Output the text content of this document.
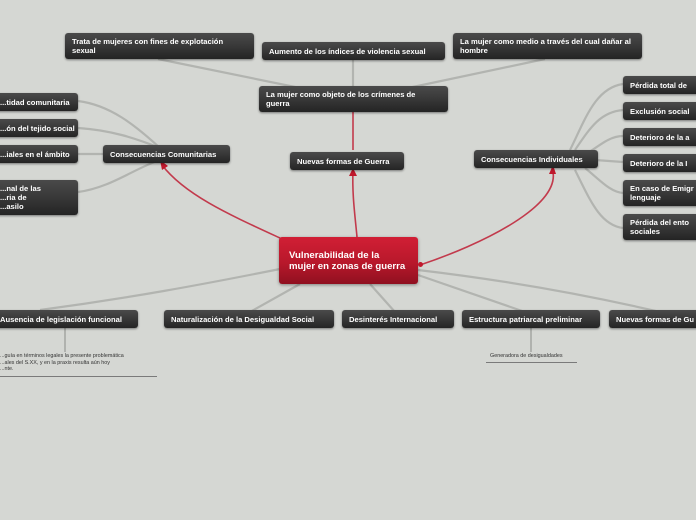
Trata de mujeres con fines de explotación sexual	Aumento de los índices de violencia sexual
La mujer como medio a través del cual dañar al hombre
La mujer como objeto de los crímenes de guerra
Consecuencias Comunitarias
Nuevas formas de Guerra	Consecuencias Individuales
...tidad comunitaria
...ón del tejido social
...iales en el ámbito
...nal de las
...ria de
...asilo
Pérdida total de
Exclusión social
Deterioro de la a
Deterioro de la I
En caso de Emigr
lenguaje
Pérdida del ento
sociales
Vulnerabilidad de la mujer en zonas de guerra
Ausencia de legislación funcional	Naturalización de la Desigualdad Social	Desinterés Internacional	Estructura patriarcal preliminar	Nuevas formas de Gu
...guía en términos legales la presente problemática
...ales del S.XX, y en la praxis resulta aún hoy
...nte.
Generadora de desigualdades
